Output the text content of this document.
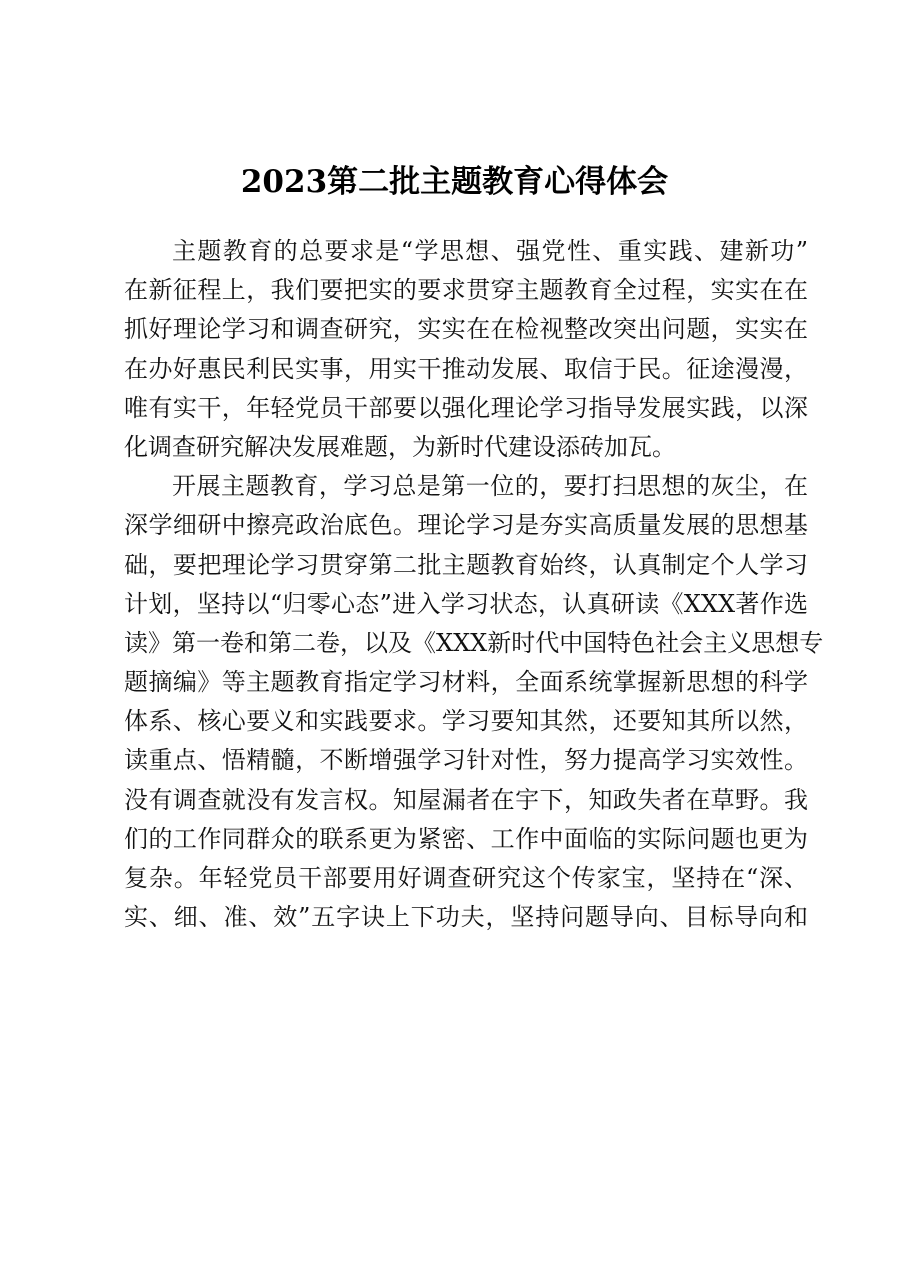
2023第二批主题教育心得体会

主题教育的总要求是“学思想、强党性、重实践、建新功”

在新征程上，我们要把实的要求贯穿主题教育全过程，实实在在

抓好理论学习和调查研究，实实在在检视整改突出问题，实实在

在办好惠民利民实事，用实干推动发展、取信于民。征途漫漫，

唯有实干，年轻党员干部要以强化理论学习指导发展实践，以深

化调查研究解决发展难题，为新时代建设添砖加瓦。

开展主题教育，学习总是第一位的，要打扫思想的灰尘，在

深学细研中擦亮政治底色。理论学习是夯实高质量发展的思想基

础，要把理论学习贯穿第二批主题教育始终，认真制定个人学习

计划，坚持以“归零心态”进入学习状态，认真研读《XXX著作选

读》第一卷和第二卷，以及《XXX新时代中国特色社会主义思想专

题摘编》等主题教育指定学习材料，全面系统掌握新思想的科学

体系、核心要义和实践要求。学习要知其然，还要知其所以然，

读重点、悟精髓，不断增强学习针对性，努力提高学习实效性。

没有调查就没有发言权。知屋漏者在宇下，知政失者在草野。我

们的工作同群众的联系更为紧密、工作中面临的实际问题也更为

复杂。年轻党员干部要用好调查研究这个传家宝，坚持在“深、

实、细、准、效”五字诀上下功夫，坚持问题导向、目标导向和
